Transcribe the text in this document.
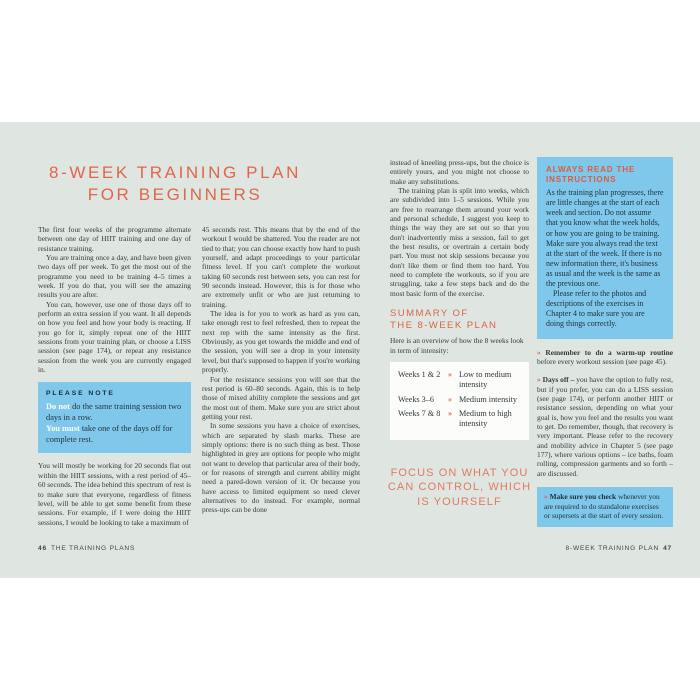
8-WEEK TRAINING PLAN
FOR BEGINNERS

The first four weeks of the programme alternate between one day of HIIT training and one day of resistance training.

You are training once a day, and have been given two days off per week. To get the most out of the programme you need to be training 4–5 times a week. If you do that, you will see the amazing results you are after.

You can, however, use one of those days off to perform an extra session if you want. It all depends on how you feel and how your body is reacting. If you go for it, simply repeat one of the HIIT sessions from your training plan, or choose a LISS session (see page 174), or repeat any resistance session from the week you are currently engaged in.

PLEASE NOTE

Do not do the same training session two days in a row.

You must take one of the days off for complete rest.

You will mostly be working for 20 seconds flat out within the HIIT sessions, with a rest period of 45–60 seconds. The idea behind this spectrum of rest is to make sure that everyone, regardless of fitness level, will be able to get some benefit from these sessions. For example, if I were doing the HIIT sessions, I would be looking to take a maximum of

45 seconds rest. This means that by the end of the workout I would be shattered. You the reader are not tied to that; you can choose exactly how hard to push yourself, and adapt proceedings to your particular fitness level. If you can't complete the workout taking 60 seconds rest between sets, you can rest for 90 seconds instead. However, this is for those who are extremely unfit or who are just returning to training.

The idea is for you to work as hard as you can, take enough rest to feel refreshed, then to repeat the next rep with the same intensity as the first. Obviously, as you get towards the middle and end of the session, you will see a drop in your intensity level, but that's supposed to happen if you're working properly.

For the resistance sessions you will see that the rest period is 60–80 seconds. Again, this is to help those of mixed ability complete the sessions and get the most out of them. Make sure you are strict about getting your rest.

In some sessions you have a choice of exercises, which are separated by slash marks. These are simply options: there is no such thing as best. Those highlighted in grey are options for people who might not want to develop that particular area of their body, or for reasons of strength and current ability might need a pared-down version of it. Or because you have access to limited equipment so need clever alternatives to do instead. For example, normal press-ups can be done

46 THE TRAINING PLANS

instead of kneeling press-ups, but the choice is entirely yours, and you might not choose to make any substitutions.

The training plan is split into weeks, which are subdivided into 1–5 sessions. While you are free to rearrange them around your work and personal schedule, I suggest you keep to things the way they are set out so that you don't inadvertently miss a session, fail to get the best results, or overtrain a certain body part. You must not skip sessions because you don't like them or find them too hard. You need to complete the workouts, so if you are struggling, take a few steps back and do the most basic form of the exercise.

SUMMARY OF
THE 8-WEEK PLAN

Here is an overview of how the 8 weeks look in term of intensity:

Weeks 1 & 2 » Low to medium intensity
Weeks 3–6	» Medium intensity
Weeks 7 & 8 » Medium to high intensity
FOCUS ON WHAT YOU CAN CONTROL, WHICH IS YOURSELF
ALWAYS READ THE INSTRUCTIONS

As the training plan progresses, there are little changes at the start of each week and section. Do not assume that you know what the week holds, or how you are going to be training. Make sure you always read the text at the start of the week. If there is no new information there, it's business as usual and the week is the same as the previous one.

Please refer to the photos and descriptions of the exercises in Chapter 4 to make sure you are doing things correctly.

» Remember to do a warm-up routine before every workout session (see page 45).
» Days off – you have the option to fully rest, but if you prefer, you can do a LISS session (see page 174), or perform another HIIT or resistance session, depending on what your goal is, how you feel and the results you want to get. Do remember, though, that recovery is very important. Please refer to the recovery and mobility advice in Chapter 5 (see page 177), where various options – ice baths, foam rolling, compression garments and so forth – are discussed.
» Make sure you check whenever you are required to do standalone exercises or supersets at the start of every session.
8-WEEK TRAINING PLAN 47
